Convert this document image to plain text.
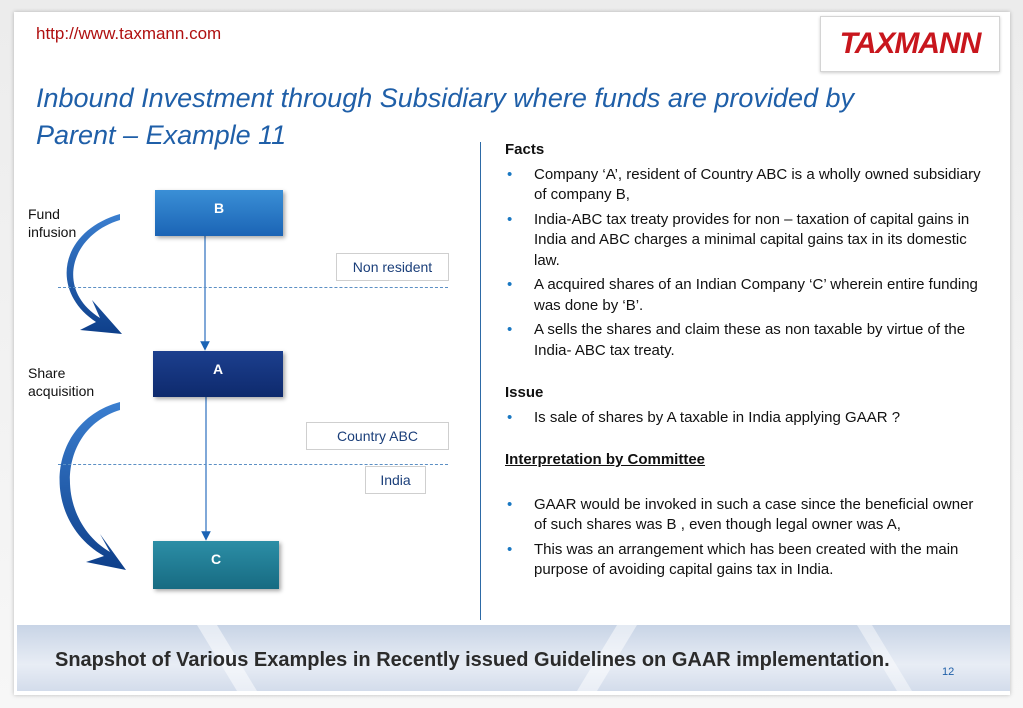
http://www.taxmann.com	TAXMANN
Inbound Investment through Subsidiary where funds are provided by
Parent – Example 11
B
A
C
Fund
infusion
Share
acquisition
Non resident
Country ABC
India
Facts
• Company ‘A’, resident of Country ABC is a wholly owned subsidiary of company B,
• India-ABC tax treaty provides for non – taxation of capital gains in India and ABC charges a minimal capital gains tax in its domestic law.
• A acquired shares of an Indian Company ‘C’ wherein entire funding was done by ‘B’.
• A sells the shares and claim these as non taxable by virtue of the India- ABC tax treaty.
Issue
• Is sale of shares by A taxable in India applying GAAR ?
Interpretation by Committee
• GAAR would be invoked in such a case since the beneficial owner of such shares was B , even though legal owner was A,
• This was an arrangement which has been created with the main purpose of avoiding capital gains tax in India.
Snapshot of Various Examples in Recently issued Guidelines on GAAR implementation.
12
